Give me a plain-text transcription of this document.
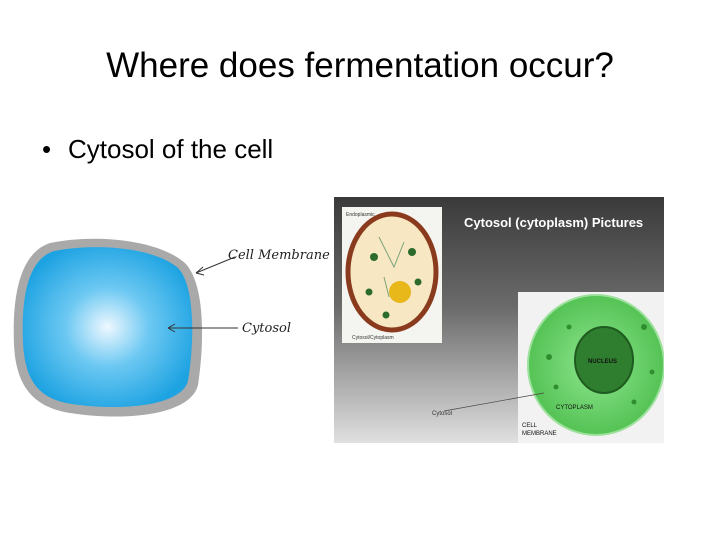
Where does fermentation occur?

• Cytosol of the cell

Cell Membrane
Cytosol
Cytosol (cytoplasm) Pictures
Endoplasmic
Cytosol/Cytoplasm
NUCLEUS
CYTOPLASM
Cytosol
CELL
MEMBRANE
